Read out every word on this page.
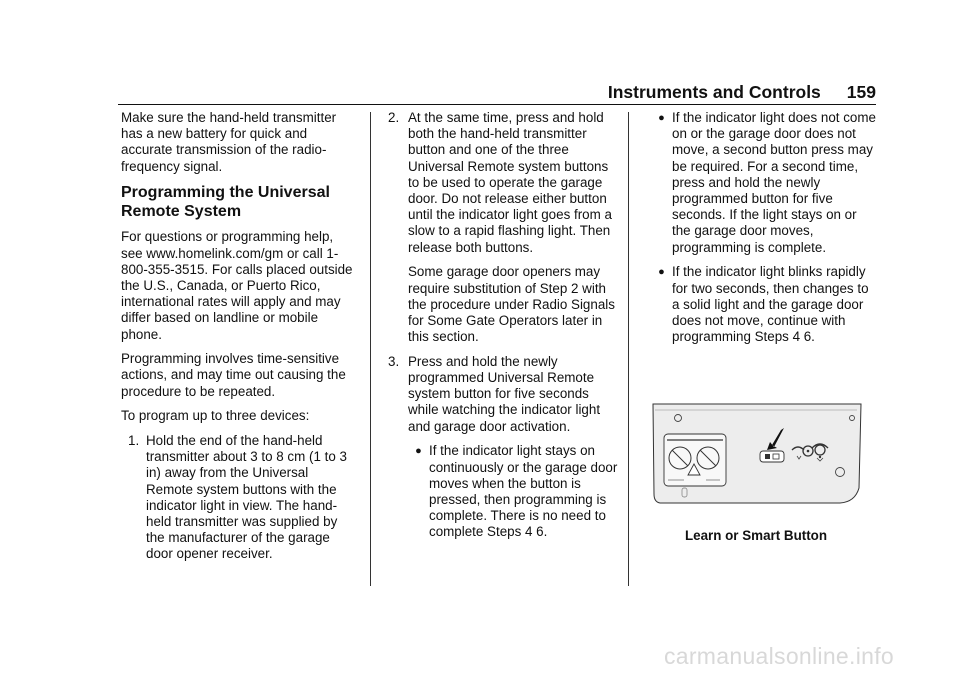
Instruments and Controls 159

Make sure the hand-held transmitter has a new battery for quick and accurate transmission of the radio-frequency signal.

Programming the Universal Remote System

For questions or programming help, see www.homelink.com/gm or call 1-800-355-3515. For calls placed outside the U.S., Canada, or Puerto Rico, international rates will apply and may differ based on landline or mobile phone.

Programming involves time-sensitive actions, and may time out causing the procedure to be repeated.

To program up to three devices:

1. Hold the end of the hand-held transmitter about 3 to 8 cm (1 to 3 in) away from the Universal Remote system buttons with the indicator light in view. The hand-held transmitter was supplied by the manufacturer of the garage door opener receiver.
2. At the same time, press and hold both the hand-held transmitter button and one of the three Universal Remote system buttons to be used to operate the garage door. Do not release either button until the indicator light goes from a slow to a rapid flashing light. Then release both buttons.

Some garage door openers may require substitution of Step 2 with the procedure under Radio Signals for Some Gate Operators later in this section.

3. Press and hold the newly programmed Universal Remote system button for five seconds while watching the indicator light and garage door activation.
● If the indicator light stays on continuously or the garage door moves when the button is pressed, then programming is complete. There is no need to complete Steps 4 6.
● If the indicator light does not come on or the garage door does not move, a second button press may be required. For a second time, press and hold the newly programmed button for five seconds. If the light stays on or the garage door moves, programming is complete.
● If the indicator light blinks rapidly for two seconds, then changes to a solid light and the garage door does not move, continue with programming Steps 4 6.
Learn or Smart Button
carmanualsonline.info
